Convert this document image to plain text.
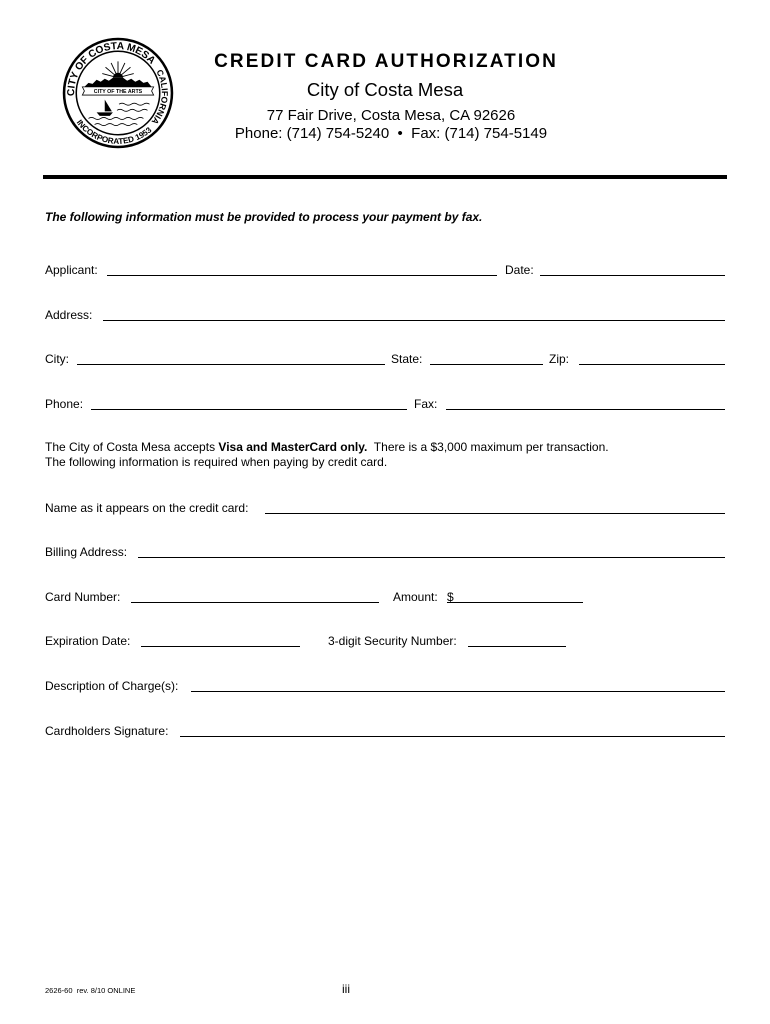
CITY OF COSTA MESA
CALIFORNIA
INCORPORATED 1953
CITY OF THE ARTS
CREDIT CARD AUTHORIZATION
City of Costa Mesa
77 Fair Drive, Costa Mesa, CA 92626
Phone: (714) 754-5240 • Fax: (714) 754-5149
The following information must be provided to process your payment by fax.
Applicant:	Date:
Address:
City:	State:	Zip:
Phone:	Fax:
The City of Costa Mesa accepts Visa and MasterCard only.  There is a $3,000 maximum per transaction.
The following information is required when paying by credit card.
Name as it appears on the credit card:
Billing Address:
Card Number:	Amount: $
Expiration Date:	3-digit Security Number:
Description of Charge(s):
Cardholders Signature:
2626-60  rev. 8/10 ONLINE	iii
